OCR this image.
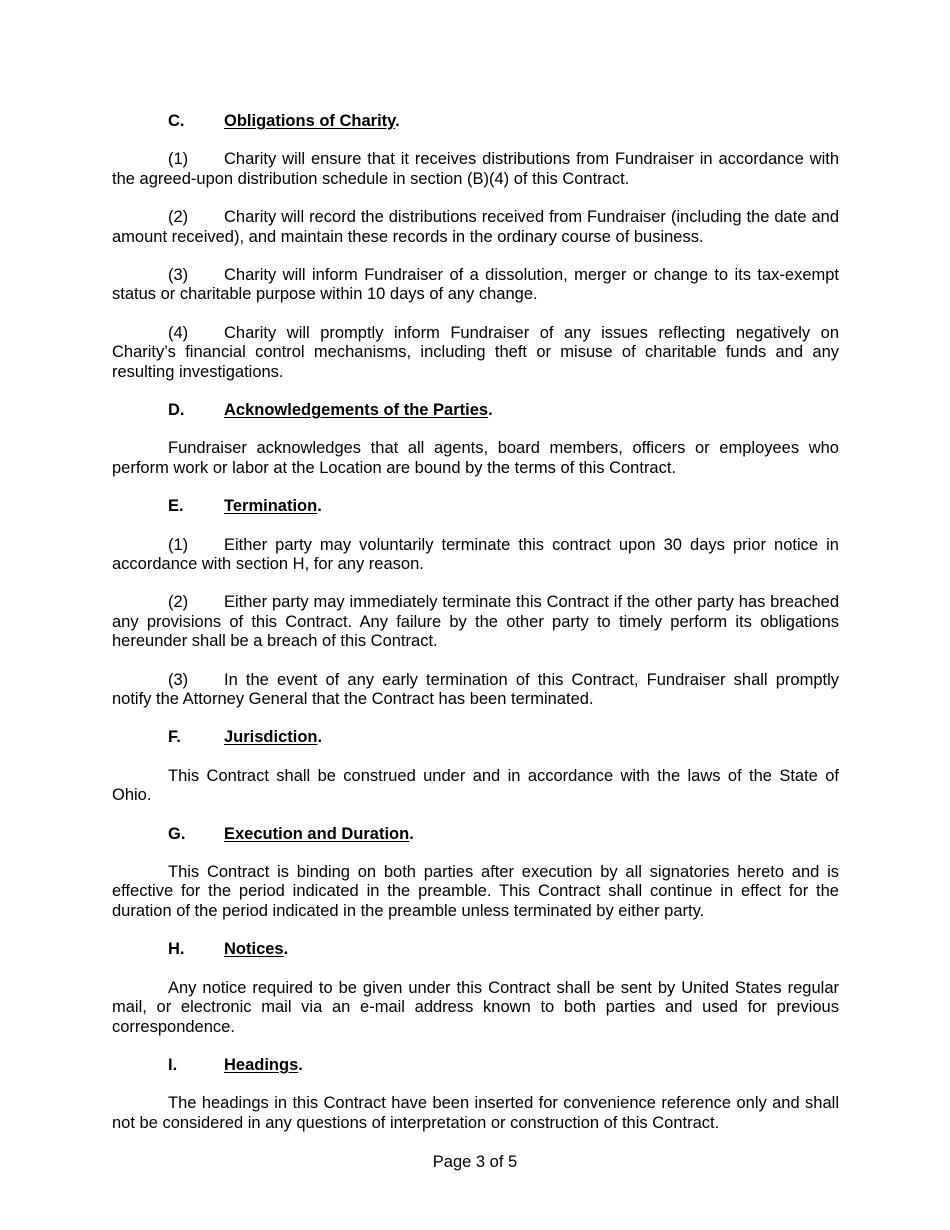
C. Obligations of Charity.

(1) Charity will ensure that it receives distributions from Fundraiser in accordance with the agreed-upon distribution schedule in section (B)(4) of this Contract.

(2) Charity will record the distributions received from Fundraiser (including the date and amount received), and maintain these records in the ordinary course of business.

(3) Charity will inform Fundraiser of a dissolution, merger or change to its tax-exempt status or charitable purpose within 10 days of any change.

(4) Charity will promptly inform Fundraiser of any issues reflecting negatively on Charity’s financial control mechanisms, including theft or misuse of charitable funds and any resulting investigations.

D. Acknowledgements of the Parties.

Fundraiser acknowledges that all agents, board members, officers or employees who perform work or labor at the Location are bound by the terms of this Contract.

E. Termination.

(1) Either party may voluntarily terminate this contract upon 30 days prior notice in accordance with section H, for any reason.

(2) Either party may immediately terminate this Contract if the other party has breached any provisions of this Contract. Any failure by the other party to timely perform its obligations hereunder shall be a breach of this Contract.

(3) In the event of any early termination of this Contract, Fundraiser shall promptly notify the Attorney General that the Contract has been terminated.

F.	Jurisdiction.

This Contract shall be construed under and in accordance with the laws of the State of Ohio.

G. Execution and Duration.

This Contract is binding on both parties after execution by all signatories hereto and is effective for the period indicated in the preamble. This Contract shall continue in effect for the duration of the period indicated in the preamble unless terminated by either party.

H. Notices.

Any notice required to be given under this Contract shall be sent by United States regular mail, or electronic mail via an e-mail address known to both parties and used for previous correspondence.

I.	Headings.

The headings in this Contract have been inserted for convenience reference only and shall not be considered in any questions of interpretation or construction of this Contract.

Page 3 of 5
